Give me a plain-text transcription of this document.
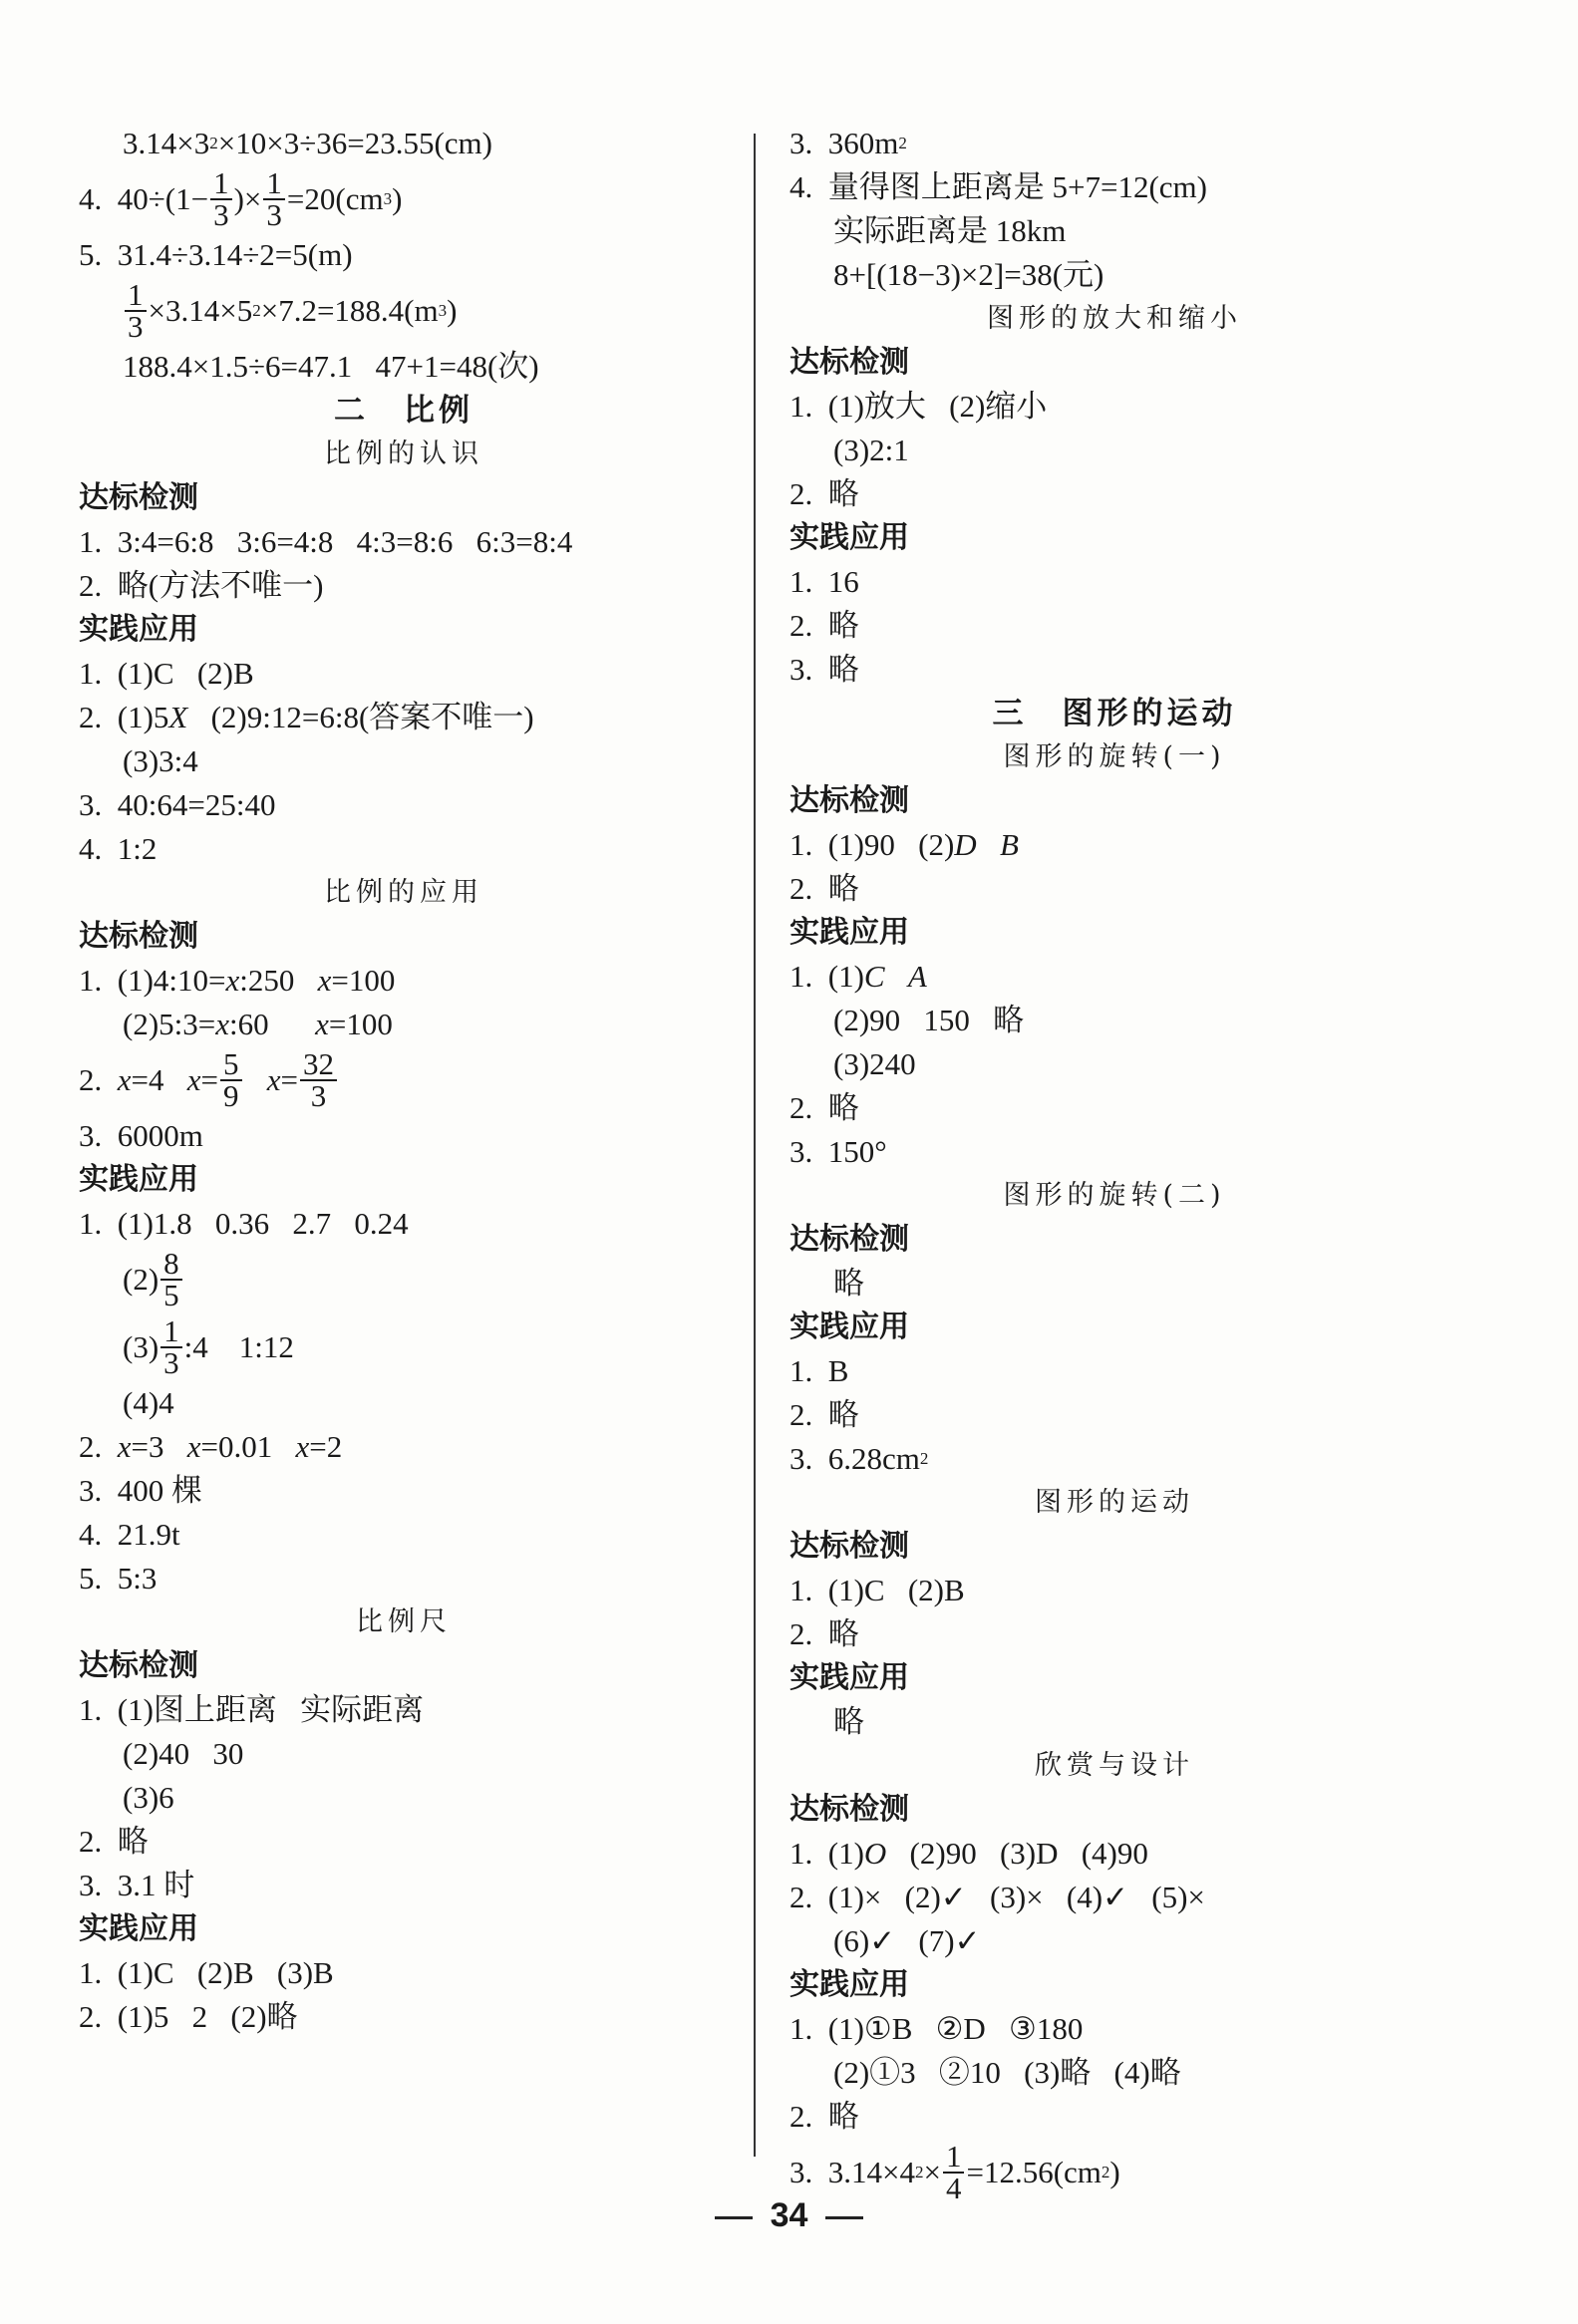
3.14×3 2 ×10×3÷36=23.55(cm)
4.  $40\div(1- \frac{1}{3}$ )× $\frac{1}{3} =20(cm$ 3 )
5.  31.4÷3.14÷2=5(m)
$\frac{1}{3} \times 3.14\times 5$ 2 ×7.2=188.4(m 3 )
188.4×1.5÷6=47.1   47+1=48(次)
二　比例
比例的认识
达标检测
1.  3:4=6:8   3:6=4:8   4:3=8:6   6:3=8:4
2.  略(方法不唯一)
实践应用
1.  (1)C   (2)B
2.  (1)5 X (2)9:12=6:8(答案不唯一)
(3)3:4
3.  40:64=25:40
4.  1:2
比例的应用
达标检测
1.  (1)4:10= x :250 x =100
(2)5:3= x :60 x =100
2. x =4 $x = \frac{5}{9}$
$x = \frac{32}{3}$
3.  6000m
实践应用
1.  (1)1.8   0.36   2.7   0.24
$(2) \frac{8}{5}$
$(3) \frac{1}{3}$ :4    1:12
(4)4
2. x =3 x =0.01 x =2
3.  400 棵
4.  21.9t
5.  5:3
比例尺
达标检测
1.  (1)图上距离   实际距离
(2)40   30
(3)6
2.  略
3.  3.1 时
实践应用
1.  (1)C   (2)B   (3)B
2.  (1)5   2   (2)略
3.  360m 2
4.  量得图上距离是 5+7=12(cm)
实际距离是 18km
8+[(18−3)×2]=38(元)
图形的放大和缩小
达标检测
1.  (1)放大   (2)缩小
(3)2:1
2.  略
实践应用
1.  16
2.  略
3.  略
三　图形的运动
图形的旋转(一)
达标检测
1.  (1)90   (2) D
B
2.  略
实践应用
1.  (1) C
A
(2)90   150   略
(3)240
2.  略
3.  150°
图形的旋转(二)
达标检测
略
实践应用
1.  B
2.  略
3.  6.28cm 2
图形的运动
达标检测
1.  (1)C   (2)B
2.  略
实践应用
略
欣赏与设计
达标检测
1.  (1) O (2)90   (3)D   (4)90
2.  (1)×   (2)✓   (3)×   (4)✓   (5)×
(6)✓   (7)✓
实践应用
1.  (1)①B   ②D   ③180
(2)①3   ②10   (3)略   (4)略
2.  略
3.  3.14×4 $2 \times \frac{1}{4} =12.56(cm$ 2 )
34
